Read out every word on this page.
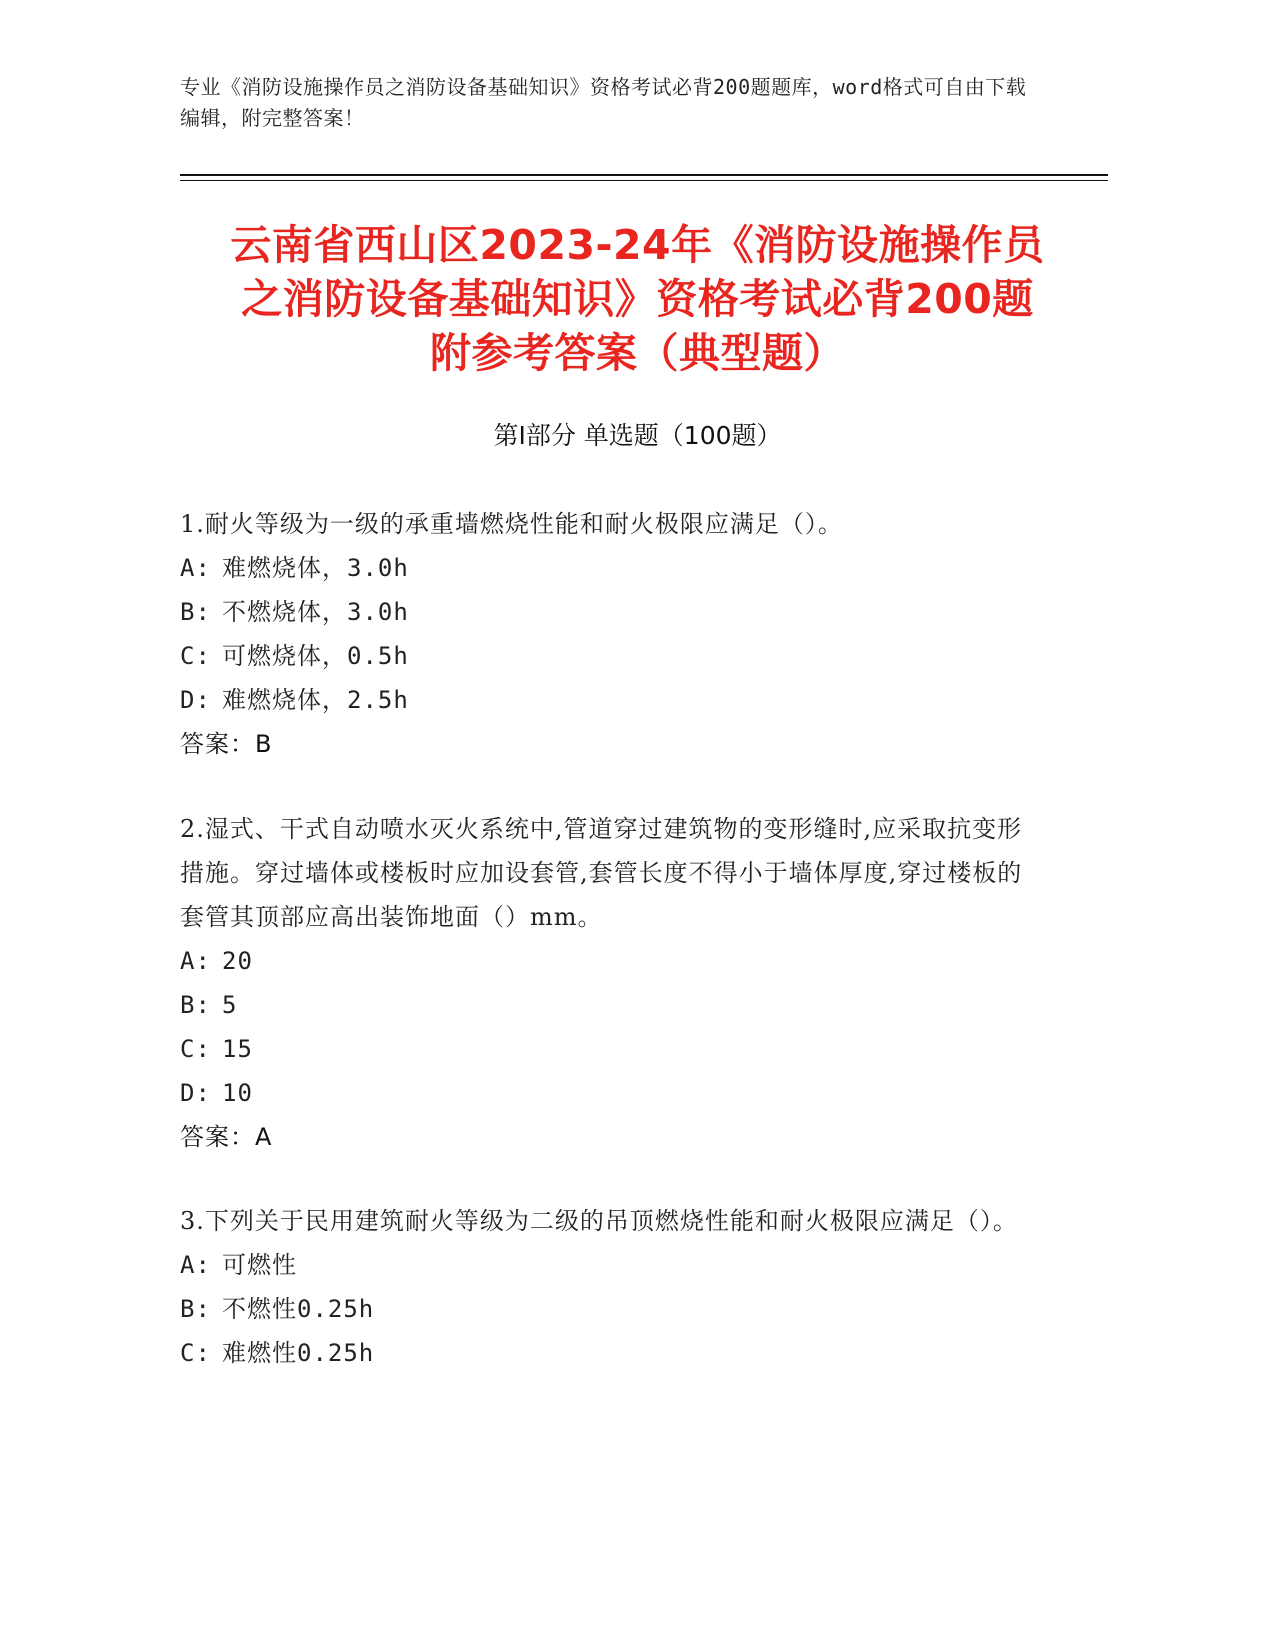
专业《消防设施操作员之消防设备基础知识》资格考试必背200题题库，word格式可自由下载编辑，附完整答案！
云南省西山区2023-24年《消防设施操作员
之消防设备基础知识》资格考试必背200题
附参考答案（典型题）
第Ⅰ部分 单选题（100题）
1.耐火等级为一级的承重墙燃烧性能和耐火极限应满足（）。
A: 难燃烧体，3.0h
B: 不燃烧体，3.0h
C: 可燃烧体，0.5h
D: 难燃烧体，2.5h
答案：B
2.湿式、干式自动喷水灭火系统中,管道穿过建筑物的变形缝时,应采取抗变形措施。穿过墙体或楼板时应加设套管,套管长度不得小于墙体厚度,穿过楼板的套管其顶部应高出装饰地面（）mm。
A: 20
B: 5
C: 15
D: 10
答案：A
3.下列关于民用建筑耐火等级为二级的吊顶燃烧性能和耐火极限应满足（）。
A: 可燃性
B: 不燃性0.25h
C: 难燃性0.25h
